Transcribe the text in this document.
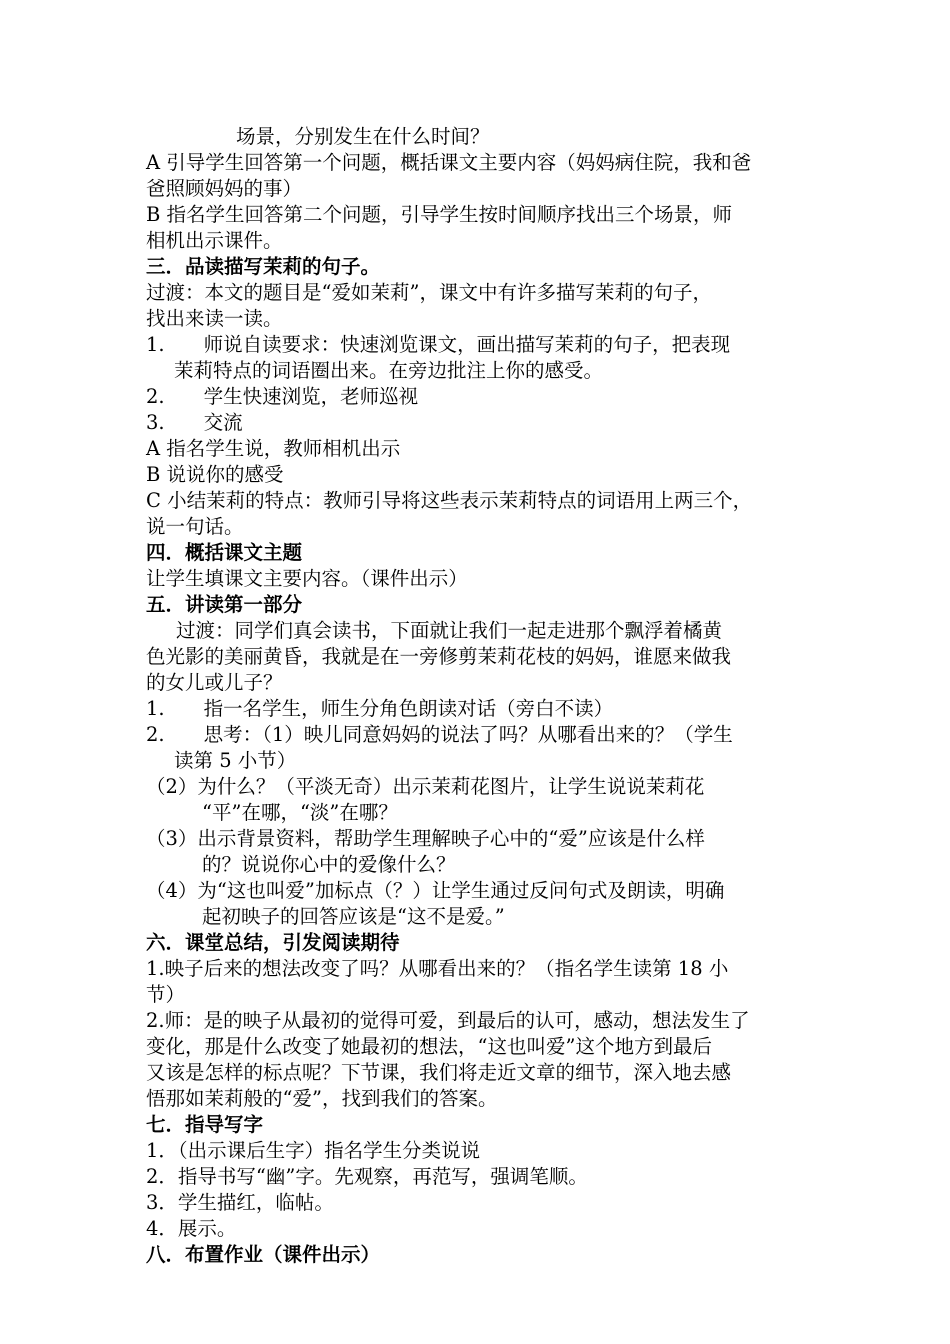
场景，分别发生在什么时间？
A 引导学生回答第一个问题，概括课文主要内容（妈妈病住院，我和爸
爸照顾妈妈的事）
B 指名学生回答第二个问题，引导学生按时间顺序找出三个场景，师
相机出示课件。
三．品读描写茉莉的句子。
过渡：本文的题目是“爱如茉莉”，课文中有许多描写茉莉的句子，
找出来读一读。
1.　　师说自读要求：快速浏览课文，画出描写茉莉的句子，把表现
茉莉特点的词语圈出来。在旁边批注上你的感受。
2.　　学生快速浏览，老师巡视
3.　　交流
A 指名学生说，教师相机出示
B 说说你的感受
C 小结茉莉的特点：教师引导将这些表示茉莉特点的词语用上两三个，
说一句话。
四．概括课文主题
让学生填课文主要内容。（课件出示）
五．讲读第一部分
过渡：同学们真会读书，下面就让我们一起走进那个飘浮着橘黄
色光影的美丽黄昏，我就是在一旁修剪茉莉花枝的妈妈，谁愿来做我
的女儿或儿子？
1.　　指一名学生，师生分角色朗读对话（旁白不读）
2.　　思考：（1）映儿同意妈妈的说法了吗？从哪看出来的？（学生
读第 5 小节）
（2）为什么？（平淡无奇）出示茉莉花图片，让学生说说茉莉花
“平”在哪，“淡”在哪？
（3）出示背景资料，帮助学生理解映子心中的“爱”应该是什么样
的？说说你心中的爱像什么？
（4）为“这也叫爱”加标点（？）让学生通过反问句式及朗读，明确
起初映子的回答应该是“这不是爱。”
六．课堂总结，引发阅读期待
1.映子后来的想法改变了吗？从哪看出来的？（指名学生读第 18 小
节）
2.师：是的映子从最初的觉得可爱，到最后的认可，感动，想法发生了
变化，那是什么改变了她最初的想法，“这也叫爱”这个地方到最后
又该是怎样的标点呢？下节课，我们将走近文章的细节，深入地去感
悟那如茉莉般的“爱”，找到我们的答案。
七．指导写字
1．（出示课后生字）指名学生分类说说
2．指导书写“幽”字。先观察，再范写，强调笔顺。
3．学生描红，临帖。
4．展示。
八．布置作业（课件出示）
